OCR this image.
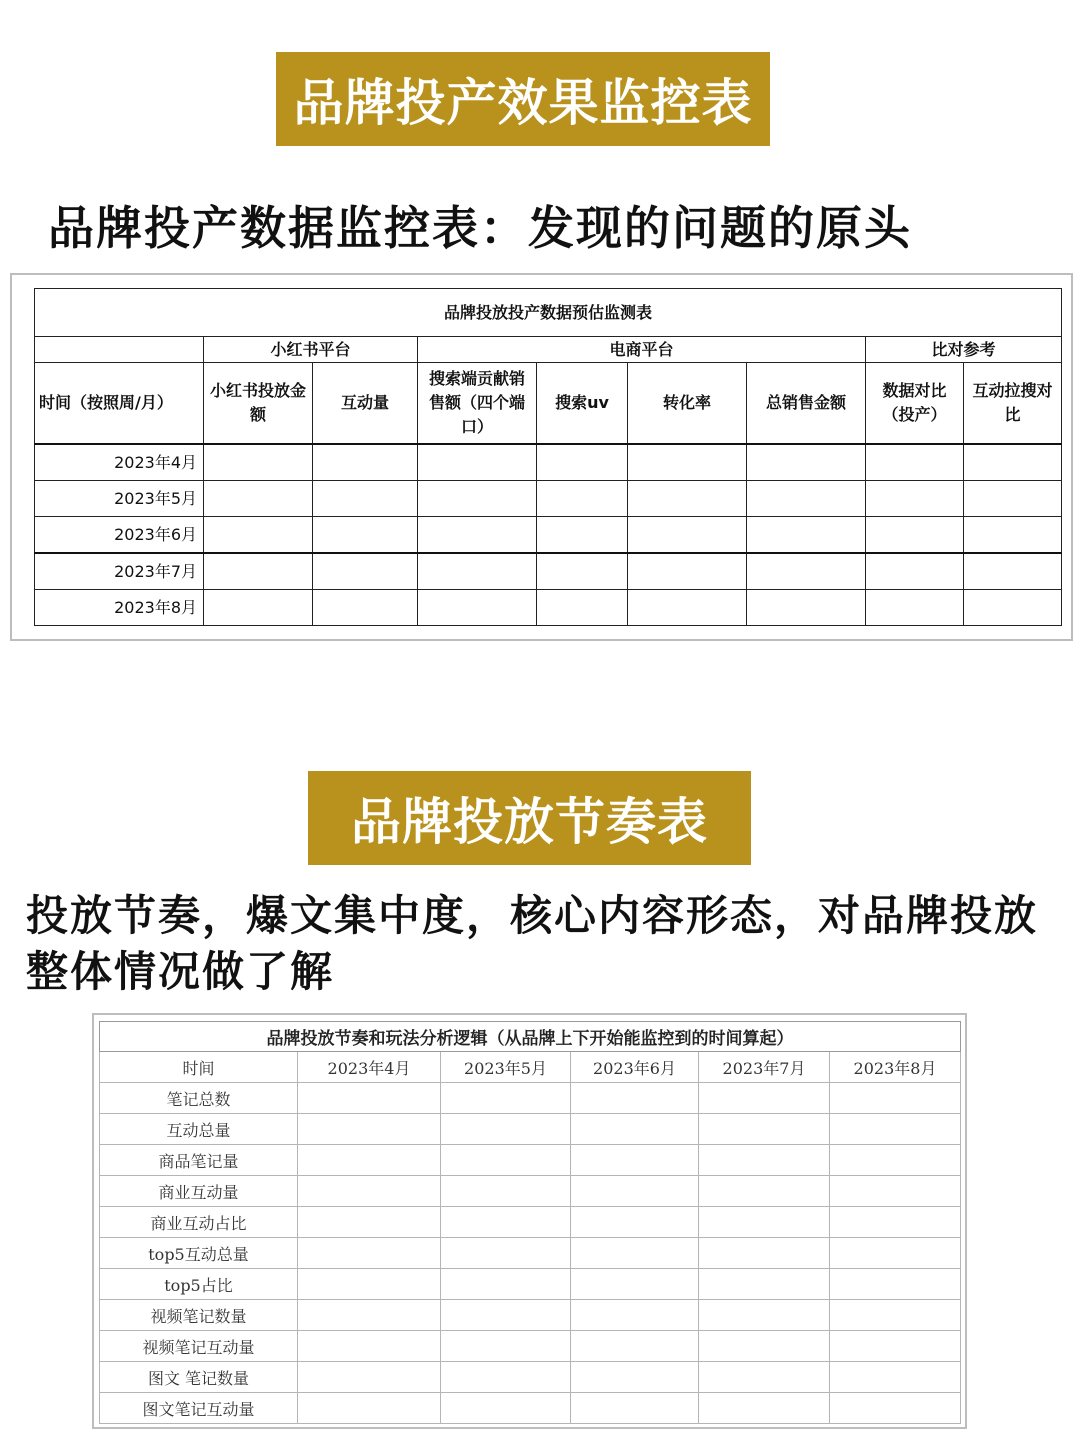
品牌投产效果监控表
品牌投产数据监控表：发现的问题的原头
品牌投放投产数据预估监测表								
	小红书平台		电商平台				比对参考	
时间（按照周/月）	小红书投放金额	互动量	搜索端贡献销售额（四个端口）	搜索uv	转化率	总销售金额	数据对比（投产）	互动拉搜对比
2023年4月								
2023年5月								
2023年6月								
2023年7月								
2023年8月								
品牌投放节奏表
投放节奏，爆文集中度，核心内容形态，对品牌投放整体情况做了解
品牌投放节奏和玩法分析逻辑（从品牌上下开始能监控到的时间算起）					
时间	2023年4月	2023年5月	2023年6月	2023年7月	2023年8月
笔记总数					
互动总量					
商品笔记量					
商业互动量					
商业互动占比					
top5互动总量					
top5占比					
视频笔记数量					
视频笔记互动量					
图文 笔记数量					
图文笔记互动量					
